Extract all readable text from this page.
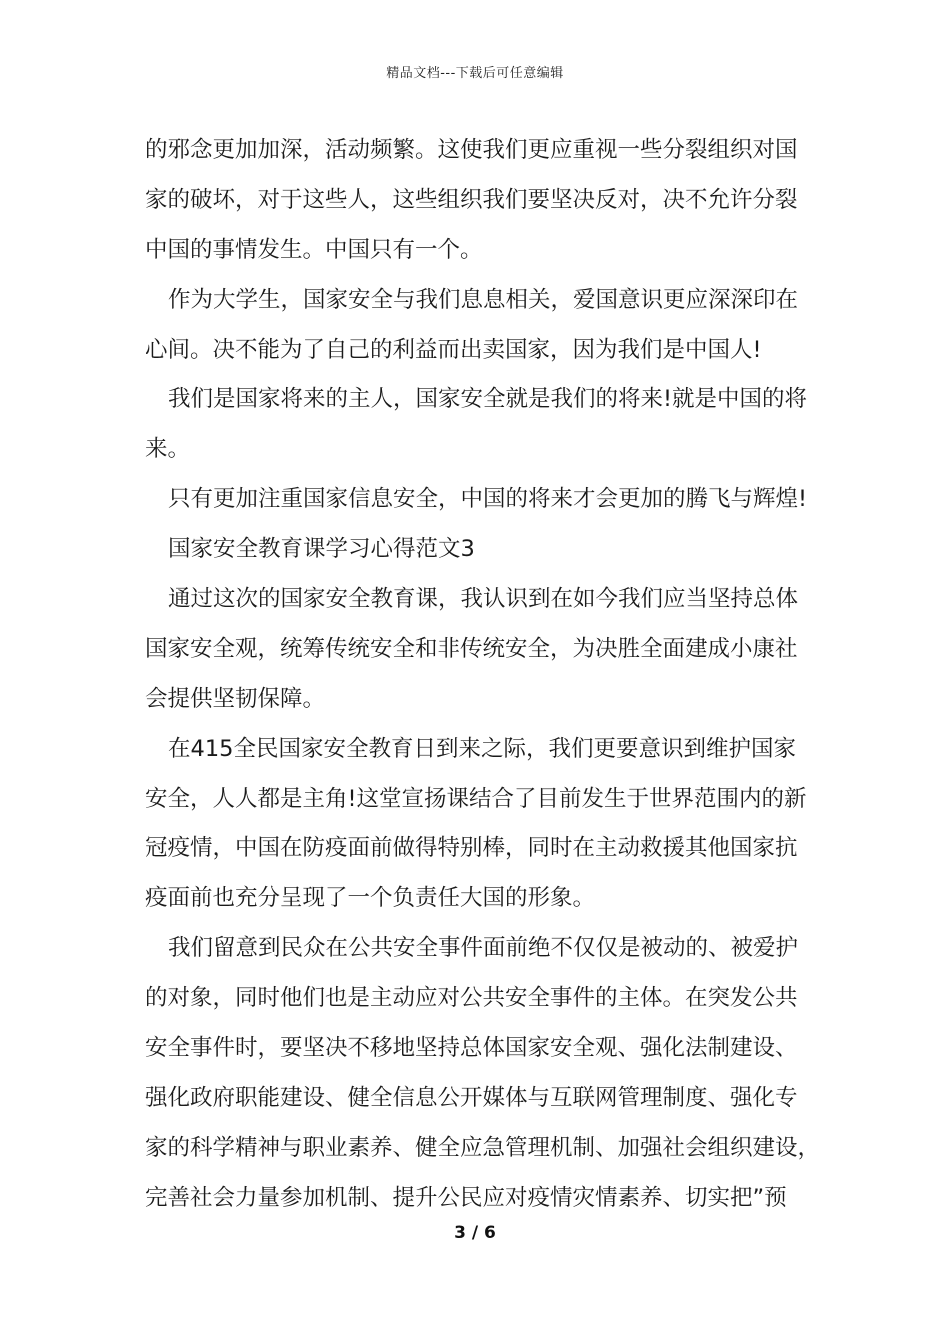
精品文档---下载后可任意编辑
的邪念更加加深，活动频繁。这使我们更应重视一些分裂组织对国
家的破坏，对于这些人，这些组织我们要坚决反对，决不允许分裂
中国的事情发生。中国只有一个。
作为大学生，国家安全与我们息息相关，爱国意识更应深深印在
心间。决不能为了自己的利益而出卖国家，因为我们是中国人!
我们是国家将来的主人，国家安全就是我们的将来!就是中国的将
来。
只有更加注重国家信息安全，中国的将来才会更加的腾飞与辉煌!
国家安全教育课学习心得范文3
通过这次的国家安全教育课，我认识到在如今我们应当坚持总体
国家安全观，统筹传统安全和非传统安全，为决胜全面建成小康社
会提供坚韧保障。
在415全民国家安全教育日到来之际，我们更要意识到维护国家
安全，人人都是主角!这堂宣扬课结合了目前发生于世界范围内的新
冠疫情，中国在防疫面前做得特别棒，同时在主动救援其他国家抗
疫面前也充分呈现了一个负责任大国的形象。
我们留意到民众在公共安全事件面前绝不仅仅是被动的、被爱护
的对象，同时他们也是主动应对公共安全事件的主体。在突发公共
安全事件时，要坚决不移地坚持总体国家安全观、强化法制建设、
强化政府职能建设、健全信息公开媒体与互联网管理制度、强化专
家的科学精神与职业素养、健全应急管理机制、加强社会组织建设，
完善社会力量参加机制、提升公民应对疫情灾情素养、切实把”预
3 / 6
